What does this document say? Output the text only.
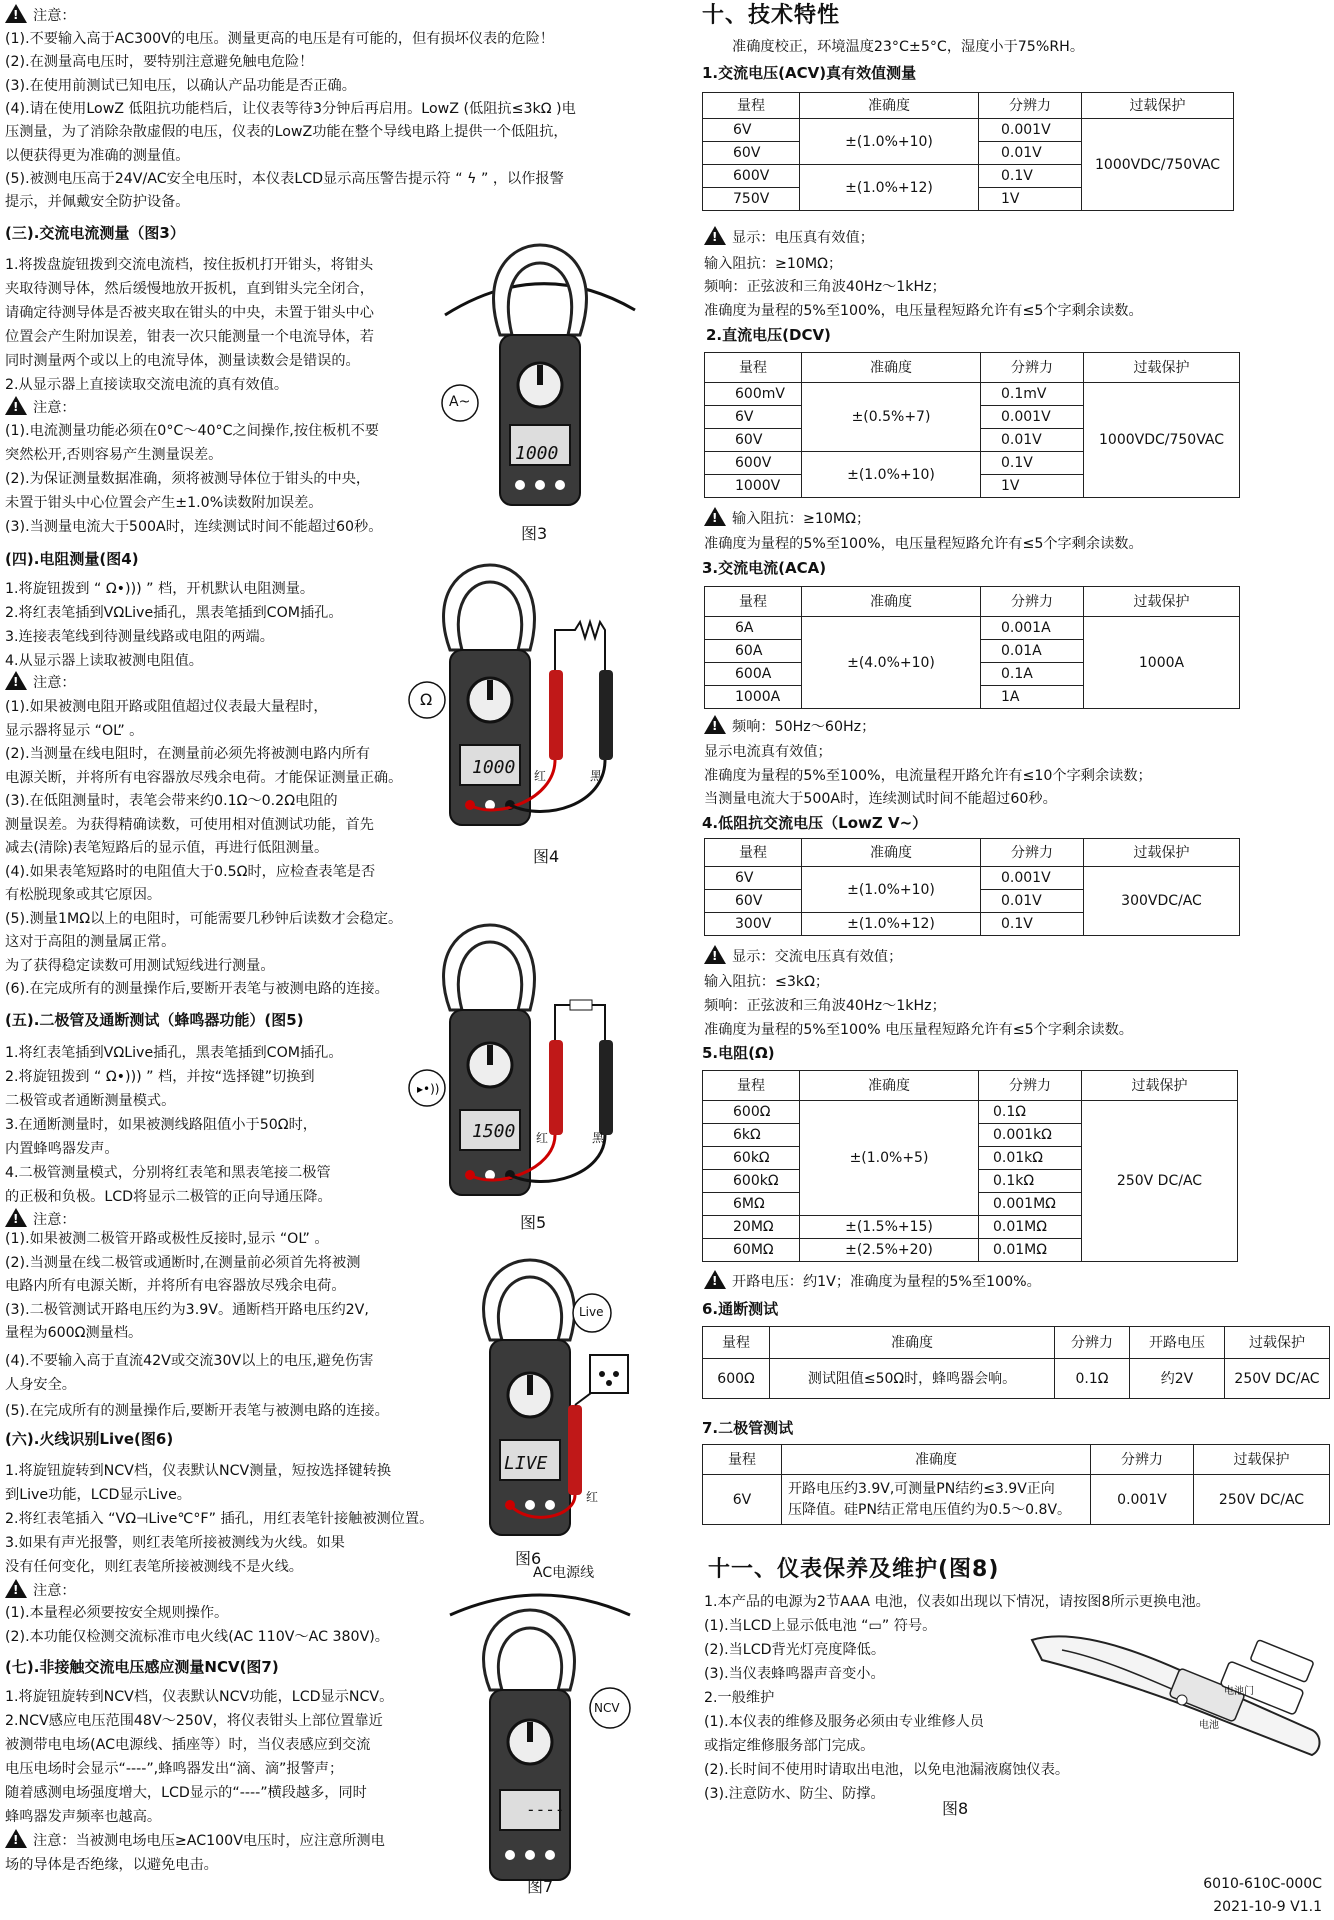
!注意：
(1).不要输入高于AC300V的电压。测量更高的电压是有可能的，但有损坏仪表的危险！
(2).在测量高电压时，要特别注意避免触电危险！
(3).在使用前测试已知电压，以确认产品功能是否正确。
(4).请在使用LowZ 低阻抗功能档后，让仪表等待3分钟后再启用。LowZ (低阻抗≤3kΩ )电
压测量，为了消除杂散虚假的电压，仪表的LowZ功能在整个导线电路上提供一个低阻抗，
以便获得更为准确的测量值。
(5).被测电压高于24V/AC安全电压时，本仪表LCD显示高压警告提示符 “ ϟ ” ，以作报警
提示，并佩戴安全防护设备。
(三).交流电流测量（图3）
1.将拨盘旋钮拨到交流电流档，按住扳机打开钳头，将钳头
夹取待测导体，然后缓慢地放开扳机，直到钳头完全闭合，
请确定待测导体是否被夹取在钳头的中央，未置于钳头中心
位置会产生附加误差，钳表一次只能测量一个电流导体，若
同时测量两个或以上的电流导体，测量读数会是错误的。
2.从显示器上直接读取交流电流的真有效值。
!注意：
(1).电流测量功能必须在0°C～40°C之间操作,按住板机不要
突然松开,否则容易产生测量误差。
(2).为保证测量数据准确，须将被测导体位于钳头的中央，
未置于钳头中心位置会产生±1.0%读数附加误差。
(3).当测量电流大于500A时，连续测试时间不能超过60秒。
1000
A~
图3
(四).电阻测量(图4)
1.将旋钮拨到 “ Ω•))) ” 档，开机默认电阻测量。
2.将红表笔插到VΩLive插孔，黑表笔插到COM插孔。
3.连接表笔线到待测量线路或电阻的两端。
4.从显示器上读取被测电阻值。
!注意：
(1).如果被测电阻开路或阻值超过仪表最大量程时，
显示器将显示 “OL” 。
(2).当测量在线电阻时，在测量前必须先将被测电路内所有
电源关断，并将所有电容器放尽残余电荷。才能保证测量正确。
(3).在低阻测量时，表笔会带来约0.1Ω～0.2Ω电阻的
测量误差。为获得精确读数，可使用相对值测试功能，首先
减去(清除)表笔短路后的显示值，再进行低阻测量。
(4).如果表笔短路时的电阻值大于0.5Ω时，应检查表笔是否
有松脱现象或其它原因。
(5).测量1MΩ以上的电阻时，可能需要几秒钟后读数才会稳定。
这对于高阻的测量属正常。
为了获得稳定读数可用测试短线进行测量。
(6).在完成所有的测量操作后,要断开表笔与被测电路的连接。
1000
Ω
红	黑
图4
(五).二极管及通断测试（蜂鸣器功能）(图5)
1.将红表笔插到VΩLive插孔，黑表笔插到COM插孔。
2.将旋钮拨到 “ Ω•))) ” 档，并按“选择键”切换到
二极管或者通断测量模式。
3.在通断测量时，如果被测线路阻值小于50Ω时，
内置蜂鸣器发声。
4.二极管测量模式，分别将红表笔和黑表笔接二极管
的正极和负极。LCD将显示二极管的正向导通压降。
!注意：
(1).如果被测二极管开路或极性反接时,显示 “OL” 。
(2).当测量在线二极管或通断时,在测量前必须首先将被测
电路内所有电源关断，并将所有电容器放尽残余电荷。
(3).二极管测试开路电压约为3.9V。通断档开路电压约2V,
量程为600Ω测量档。
(4).不要输入高于直流42V或交流30V以上的电压,避免伤害
人身安全。
(5).在完成所有的测量操作后,要断开表笔与被测电路的连接。
▸•))
1500 红	黑
图5
(六).火线识别Live(图6)
1.将旋钮旋转到NCV档，仪表默认NCV测量，短按选择键转换
到Live功能，LCD显示Live。
2.将红表笔插入 “VΩ⊣Live℃°F” 插孔，用红表笔针接触被测位置。
3.如果有声光报警，则红表笔所接被测线为火线。如果
没有任何变化，则红表笔所接被测线不是火线。
!注意：
(1).本量程必须要按安全规则操作。
(2).本功能仅检测交流标准市电火线(AC 110V～AC 380V)。
LIVE
Live
红
图6
(七).非接触交流电压感应测量NCV(图7)
1.将旋钮旋转到NCV档，仪表默认NCV功能，LCD显示NCV。
2.NCV感应电压范围48V～250V，将仪表钳头上部位置靠近
被测带电电场(AC电源线、插座等）时，当仪表感应到交流
电压电场时会显示“----”,蜂鸣器发出“滴、滴”报警声；
随着感测电场强度增大，LCD显示的“----”横段越多，同时
蜂鸣器发声频率也越高。
!注意：当被测电场电压≥AC100V电压时，应注意所测电
场的导体是否绝缘，以避免电击。
----
NCV
AC电源线
图7
十、技术特性
准确度校正，环境温度23°C±5°C，湿度小于75%RH。
1.交流电压(ACV)真有效值测量
量程	准确度	分辨力	过载保护
6V	±(1.0%+10)	0.001V	1000VDC/750VAC
60V		0.01V	
600V	±(1.0%+12)	0.1V	
750V		1V	
!显示：电压真有效值；
输入阻抗：≥10MΩ；
频响：正弦波和三角波40Hz～1kHz；
准确度为量程的5%至100%，电压量程短路允许有≤5个字剩余读数。
2.直流电压(DCV)
量程	准确度	分辨力	过载保护
600mV	±(0.5%+7)	0.1mV	1000VDC/750VAC
6V		0.001V	
60V		0.01V	
600V	±(1.0%+10)	0.1V	
1000V		1V	
!输入阻抗：≥10MΩ；
准确度为量程的5%至100%，电压量程短路允许有≤5个字剩余读数。
3.交流电流(ACA)
量程	准确度	分辨力	过载保护
6A	±(4.0%+10)	0.001A	1000A
60A		0.01A	
600A		0.1A	
1000A		1A	
!频响：50Hz～60Hz；
显示电流真有效值；
准确度为量程的5%至100%，电流量程开路允许有≤10个字剩余读数；
当测量电流大于500A时，连续测试时间不能超过60秒。
4.低阻抗交流电压（LowZ V~）
量程	准确度	分辨力	过载保护
6V	±(1.0%+10)	0.001V	300VDC/AC
60V		0.01V	
300V	±(1.0%+12)	0.1V	
!显示：交流电压真有效值；
输入阻抗：≤3kΩ；
频响：正弦波和三角波40Hz～1kHz；
准确度为量程的5%至100% 电压量程短路允许有≤5个字剩余读数。
5.电阻(Ω)
量程	准确度	分辨力	过载保护
600Ω	±(1.0%+5)	0.1Ω	250V DC/AC
6kΩ		0.001kΩ	
60kΩ		0.01kΩ	
600kΩ		0.1kΩ	
6MΩ		0.001MΩ	
20MΩ	±(1.5%+15)	0.01MΩ	
60MΩ	±(2.5%+20)	0.01MΩ	
!开路电压：约1V；准确度为量程的5%至100%。
6.通断测试
量程	准确度	分辨力	开路电压	过载保护
600Ω	测试阻值≤50Ω时，蜂鸣器会响。	0.1Ω	约2V	250V DC/AC
7.二极管测试
量程	准确度	分辨力	过载保护
6V	开路电压约3.9V,可测量PN结约≤3.9V正向
压降值。硅PN结正常电压值约为0.5～0.8V。	0.001V	250V DC/AC
十一、仪表保养及维护(图8)
1.本产品的电源为2节AAA 电池，仪表如出现以下情况，请按图8所示更换电池。
(1).当LCD上显示低电池 “▭” 符号。
(2).当LCD背光灯亮度降低。
(3).当仪表蜂鸣器声音变小。
2.一般维护
(1).本仪表的维修及服务必须由专业维修人员
或指定维修服务部门完成。
(2).长时间不使用时请取出电池，以免电池漏液腐蚀仪表。
(3).注意防水、防尘、防撑。
电池门
电池
图8
6010-610C-000C
2021-10-9 V1.1
